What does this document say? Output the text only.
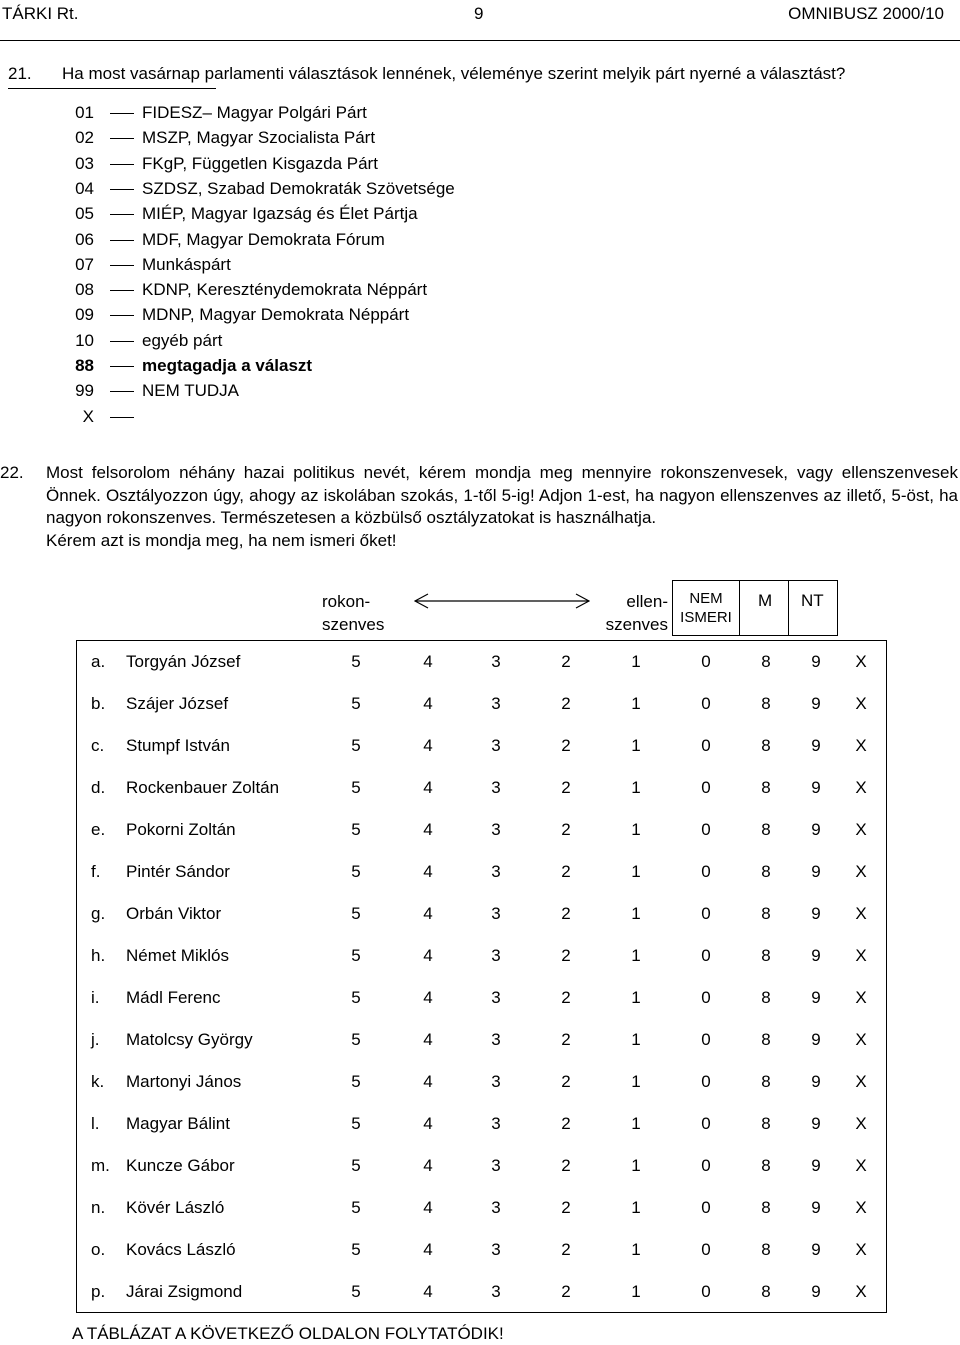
TÁRKI Rt.	9	OMNIBUSZ 2000/10
21. Ha most vasárnap parlamenti választások lennének, véleménye szerint melyik párt nyerné a választást?
01	FIDESZ– Magyar Polgári Párt
02	MSZP, Magyar Szocialista Párt
03	FKgP, Független Kisgazda Párt
04	SZDSZ, Szabad Demokraták Szövetsége
05	MIÉP, Magyar Igazság és Élet Pártja
06	MDF, Magyar Demokrata Fórum
07	Munkáspárt
08	KDNP, Kereszténydemokrata Néppárt
09	MDNP, Magyar Demokrata Néppárt
10	egyéb párt
88	megtagadja a választ
99	NEM TUDJA
X
22. Most felsorolom néhány hazai politikus nevét, kérem mondja meg mennyire rokonszenvesek, vagy ellenszenvesek Önnek. Osztályozzon úgy, ahogy az iskolában szokás, 1-től 5-ig! Adjon 1-est, ha nagyon ellenszenves az illető, 5-öst, ha nagyon rokonszenves. Természetesen a közbülső osztályzatokat is használhatja.
Kérem azt is mondja meg, ha nem ismeri őket!
rokon-
szenves
ellen-
szenves
NEM
ISMERI
M NT
a. Torgyán József	5	4	3	2	1	0	8	9	X
b. Szájer József	5	4	3	2	1	0	8	9	X
c. Stumpf István	5	4	3	2	1	0	8	9	X
d. Rockenbauer Zoltán	5	4	3	2	1	0	8	9	X
e. Pokorni Zoltán	5	4	3	2	1	0	8	9	X
f. Pintér Sándor	5	4	3	2	1	0	8	9	X
g. Orbán Viktor	5	4	3	2	1	0	8	9	X
h. Német Miklós	5	4	3	2	1	0	8	9	X
i. Mádl Ferenc	5	4	3	2	1	0	8	9	X
j. Matolcsy György	5	4	3	2	1	0	8	9	X
k. Martonyi János	5	4	3	2	1	0	8	9	X
l. Magyar Bálint	5	4	3	2	1	0	8	9	X
m. Kuncze Gábor	5	4	3	2	1	0	8	9	X
n. Kövér László	5	4	3	2	1	0	8	9	X
o. Kovács László	5	4	3	2	1	0	8	9	X
p. Járai Zsigmond	5	4	3	2	1	0	8	9	X
A TÁBLÁZAT A KÖVETKEZŐ OLDALON FOLYTATÓDIK!
